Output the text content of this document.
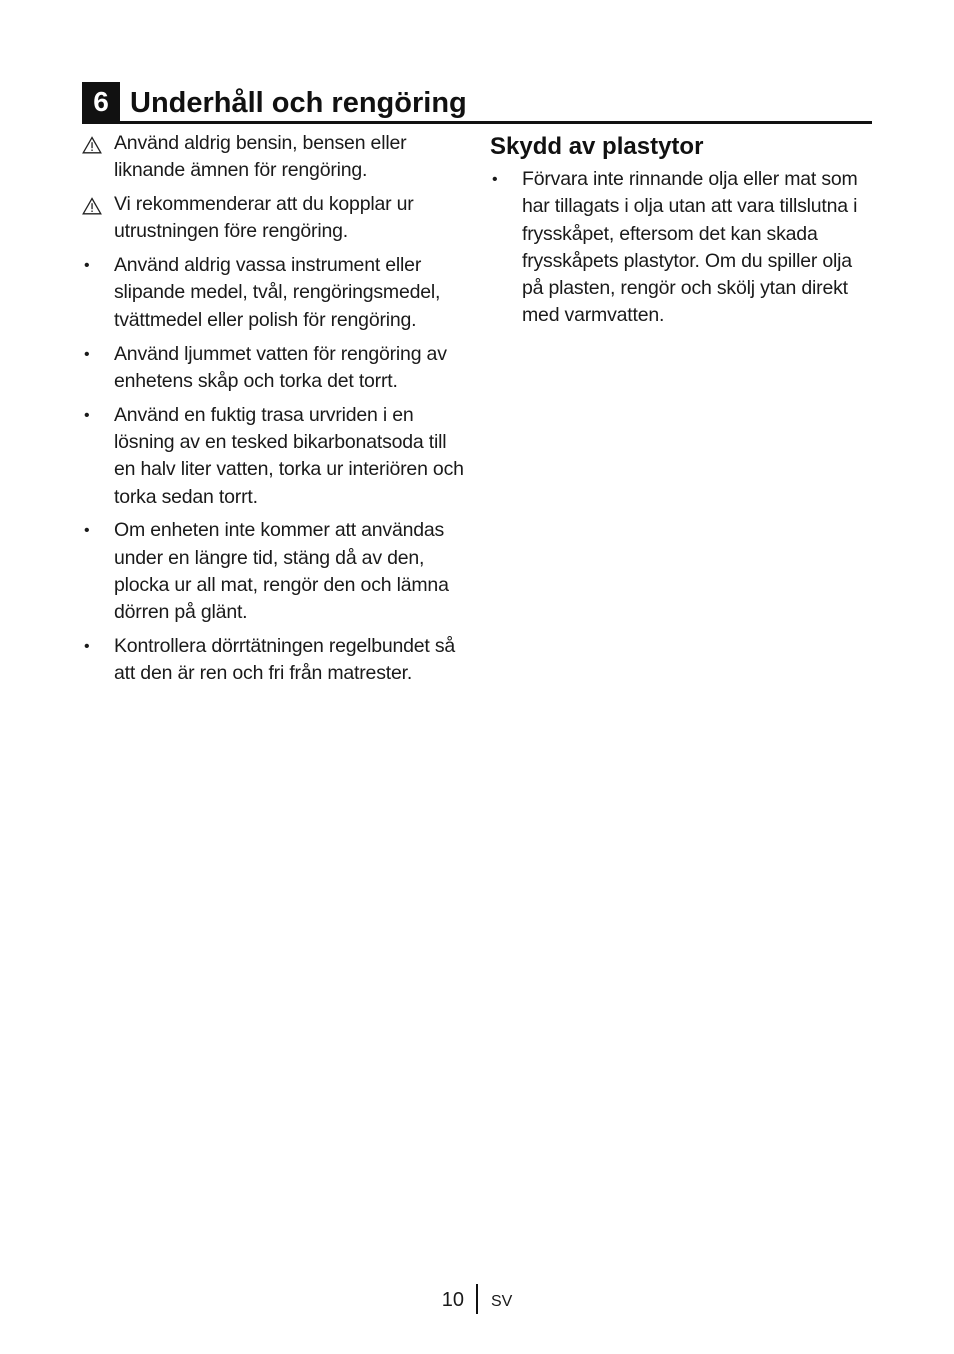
6 Underhåll och rengöring
Använd aldrig bensin, bensen eller liknande ämnen för rengöring.
Vi rekommenderar att du kopplar ur utrustningen före rengöring.
•	Använd aldrig vassa instrument eller slipande medel, tvål, rengöringsmedel, tvättmedel eller polish för rengöring.
•	Använd ljummet vatten för rengöring av enhetens skåp och torka det torrt.
•	Använd en fuktig trasa urvriden i en lösning av en tesked bikarbonatsoda till en halv liter vatten, torka ur interiören och torka sedan torrt.
•	Om enheten inte kommer att användas under en längre tid, stäng då av den, plocka ur all mat, rengör den och lämna dörren på glänt.
•	Kontrollera dörrtätningen regelbundet så att den är ren och fri från matrester.
Skydd av plastytor
•	Förvara inte rinnande olja eller mat som har tillagats i olja utan att vara tillslutna i frysskåpet, eftersom det kan skada frysskåpets plastytor. Om du spiller olja på plasten, rengör och skölj ytan direkt med varmvatten.
10 SV
